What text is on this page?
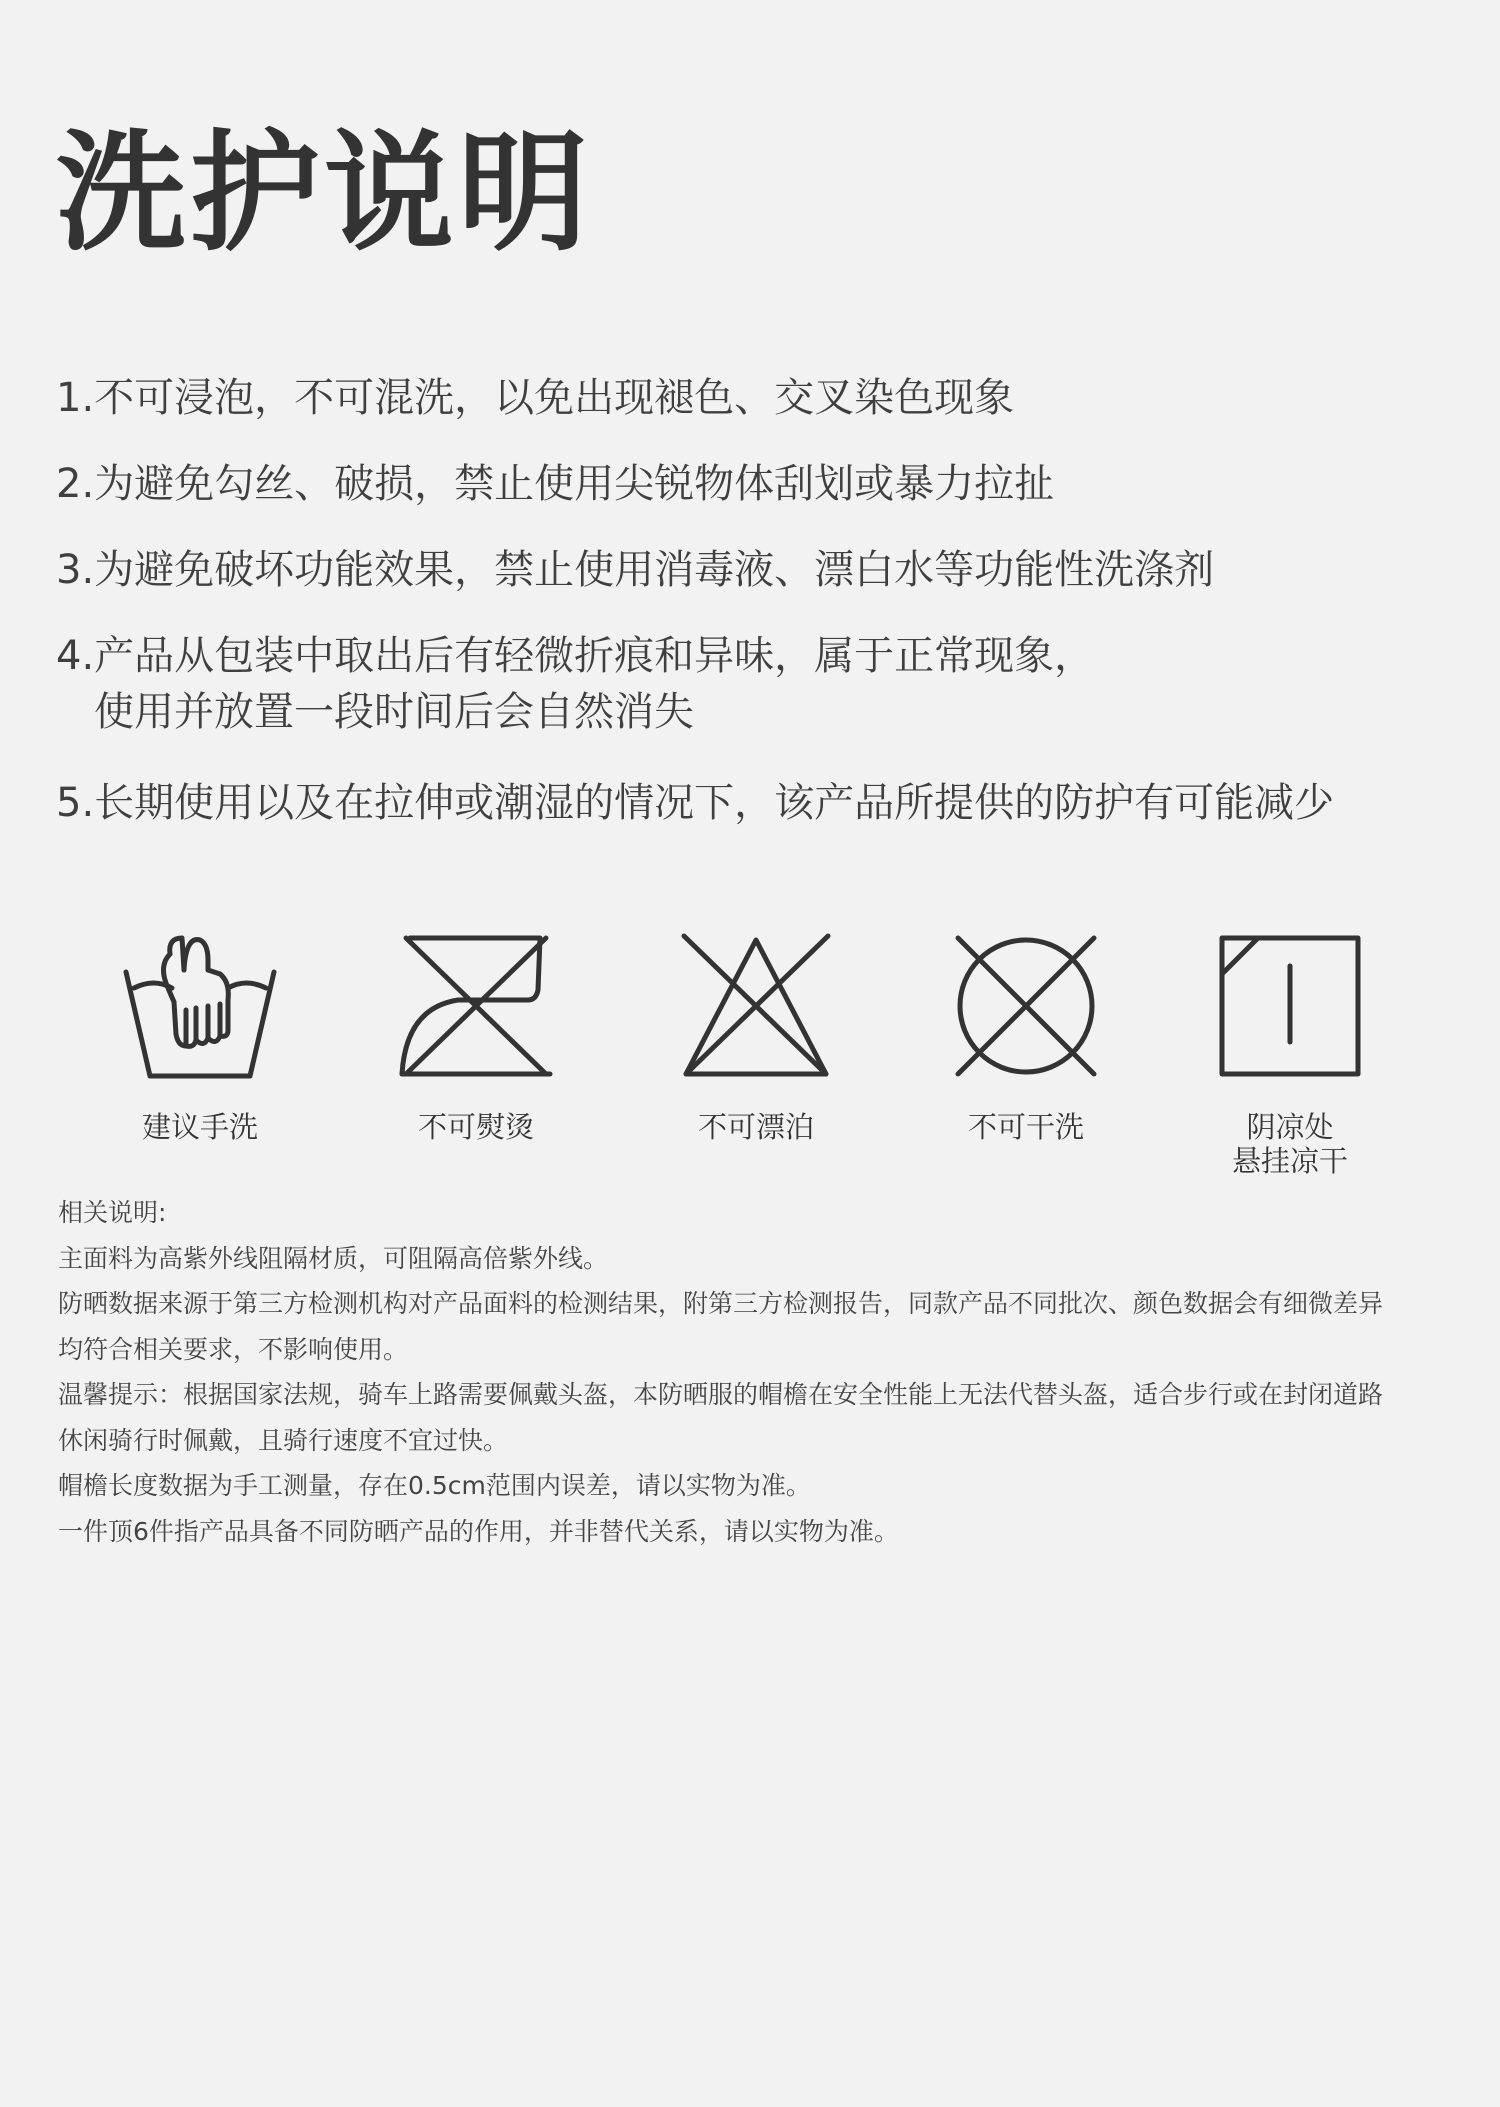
洗护说明
1.不可浸泡，不可混洗，以免出现褪色、交叉染色现象
2.为避免勾丝、破损，禁止使用尖锐物体刮划或暴力拉扯
3.为避免破坏功能效果，禁止使用消毒液、漂白水等功能性洗涤剂
4.产品从包装中取出后有轻微折痕和异味，属于正常现象，
使用并放置一段时间后会自然消失
5.长期使用以及在拉伸或潮湿的情况下，该产品所提供的防护有可能减少
建议手洗	不可熨烫	不可漂泊	不可干洗	阴凉处
悬挂凉干
相关说明:
主面料为高紫外线阻隔材质，可阻隔高倍紫外线。
防晒数据来源于第三方检测机构对产品面料的检测结果，附第三方检测报告，同款产品不同批次、颜色数据会有细微差异
均符合相关要求，不影响使用。
温馨提示：根据国家法规，骑车上路需要佩戴头盔，本防晒服的帽檐在安全性能上无法代替头盔，适合步行或在封闭道路
休闲骑行时佩戴，且骑行速度不宜过快。
帽檐长度数据为手工测量，存在0.5cm范围内误差，请以实物为准。
一件顶6件指产品具备不同防晒产品的作用，并非替代关系，请以实物为准。
